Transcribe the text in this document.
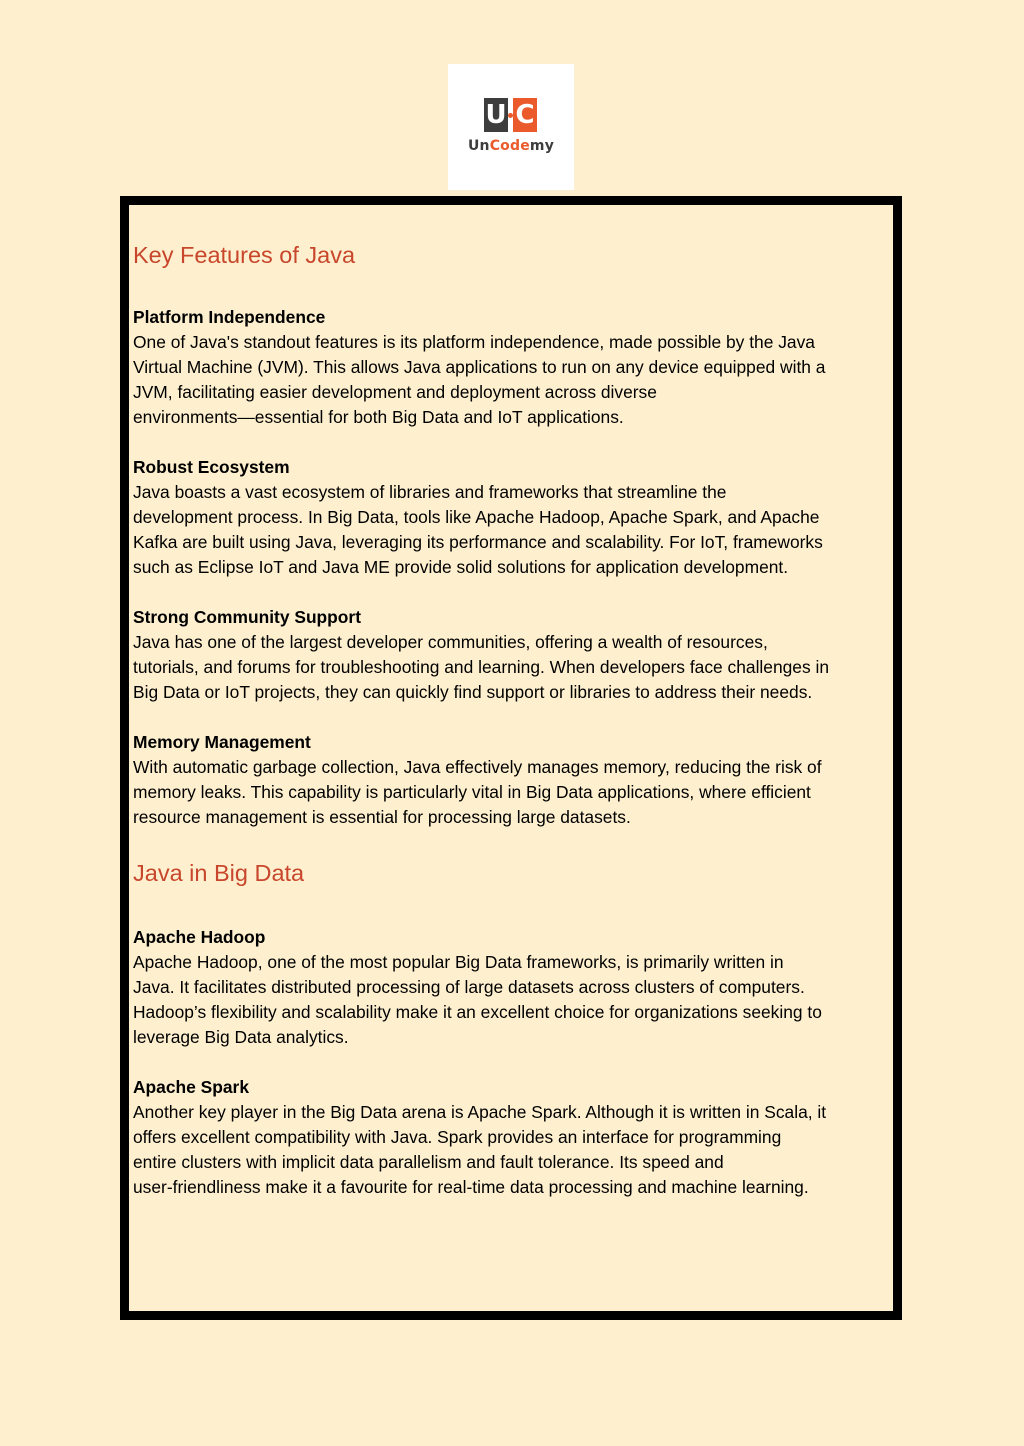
U C
UnCodemy
Key Features of Java
Platform Independence

One of Java's standout features is its platform independence, made possible by the Java
Virtual Machine (JVM). This allows Java applications to run on any device equipped with a
JVM, facilitating easier development and deployment across diverse
environments—essential for both Big Data and IoT applications.

Robust Ecosystem

Java boasts a vast ecosystem of libraries and frameworks that streamline the
development process. In Big Data, tools like Apache Hadoop, Apache Spark, and Apache
Kafka are built using Java, leveraging its performance and scalability. For IoT, frameworks
such as Eclipse IoT and Java ME provide solid solutions for application development.

Strong Community Support

Java has one of the largest developer communities, offering a wealth of resources,
tutorials, and forums for troubleshooting and learning. When developers face challenges in
Big Data or IoT projects, they can quickly find support or libraries to address their needs.

Memory Management

With automatic garbage collection, Java effectively manages memory, reducing the risk of
memory leaks. This capability is particularly vital in Big Data applications, where efficient
resource management is essential for processing large datasets.

Java in Big Data
Apache Hadoop

Apache Hadoop, one of the most popular Big Data frameworks, is primarily written in
Java. It facilitates distributed processing of large datasets across clusters of computers.
Hadoop’s flexibility and scalability make it an excellent choice for organizations seeking to
leverage Big Data analytics.

Apache Spark

Another key player in the Big Data arena is Apache Spark. Although it is written in Scala, it
offers excellent compatibility with Java. Spark provides an interface for programming
entire clusters with implicit data parallelism and fault tolerance. Its speed and
user-friendliness make it a favourite for real-time data processing and machine learning.
